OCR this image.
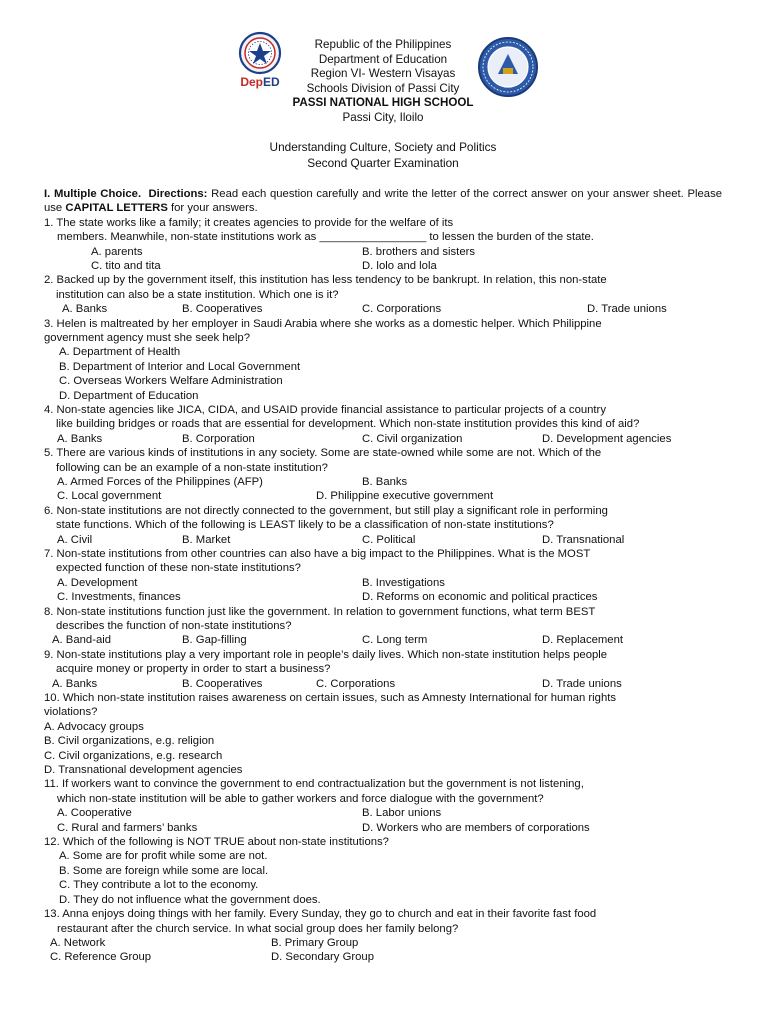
DepED
Republic of the Philippines
Department of Education
Region VI- Western Visayas
Schools Division of Passi City
PASSI NATIONAL HIGH SCHOOL
Passi City, Iloilo
Understanding Culture, Society and Politics
Second Quarter Examination
I. Multiple Choice. Directions: Read each question carefully and write the letter of the correct answer on your answer sheet. Please use CAPITAL LETTERS for your answers.
1. The state works like a family; it creates agencies to provide for the welfare of its
members. Meanwhile, non-state institutions work as _________________ to lessen the burden of the state.
A. parents	B. brothers and sisters
C. tito and tita	D. lolo and lola
2. Backed up by the government itself, this institution has less tendency to be bankrupt. In relation, this non-state
institution can also be a state institution. Which one is it?
A. Banks	B. Cooperatives	C. Corporations	D. Trade unions
3. Helen is maltreated by her employer in Saudi Arabia where she works as a domestic helper. Which Philippine
government agency must she seek help?
A. Department of Health
B. Department of Interior and Local Government
C. Overseas Workers Welfare Administration
D. Department of Education
4. Non-state agencies like JICA, CIDA, and USAID provide financial assistance to particular projects of a country
like building bridges or roads that are essential for development. Which non-state institution provides this kind of aid?
A. Banks	B. Corporation	C. Civil organization	D. Development agencies
5. There are various kinds of institutions in any society. Some are state-owned while some are not. Which of the
following can be an example of a non-state institution?
A. Armed Forces of the Philippines (AFP)	B. Banks
C. Local government	D. Philippine executive government
6. Non-state institutions are not directly connected to the government, but still play a significant role in performing
state functions. Which of the following is LEAST likely to be a classification of non-state institutions?
A. Civil	B. Market	C. Political	D. Transnational
7. Non-state institutions from other countries can also have a big impact to the Philippines. What is the MOST
expected function of these non-state institutions?
A. Development	B. Investigations
C. Investments, finances	D. Reforms on economic and political practices
8. Non-state institutions function just like the government. In relation to government functions, what term BEST
describes the function of non-state institutions?
A. Band-aid	B. Gap-filling	C. Long term	D. Replacement
9. Non-state institutions play a very important role in people’s daily lives. Which non-state institution helps people
acquire money or property in order to start a business?
A. Banks	B. Cooperatives	C. Corporations	D. Trade unions
10. Which non-state institution raises awareness on certain issues, such as Amnesty International for human rights
violations?
A. Advocacy groups
B. Civil organizations, e.g. religion
C. Civil organizations, e.g. research
D. Transnational development agencies
11. If workers want to convince the government to end contractualization but the government is not listening,
which non-state institution will be able to gather workers and force dialogue with the government?
A. Cooperative	B. Labor unions
C. Rural and farmers’ banks	D. Workers who are members of corporations
12. Which of the following is NOT TRUE about non-state institutions?
A. Some are for profit while some are not.
B. Some are foreign while some are local.
C. They contribute a lot to the economy.
D. They do not influence what the government does.
13. Anna enjoys doing things with her family. Every Sunday, they go to church and eat in their favorite fast food
restaurant after the church service. In what social group does her family belong?
A. Network	B. Primary Group
C. Reference Group	D. Secondary Group
